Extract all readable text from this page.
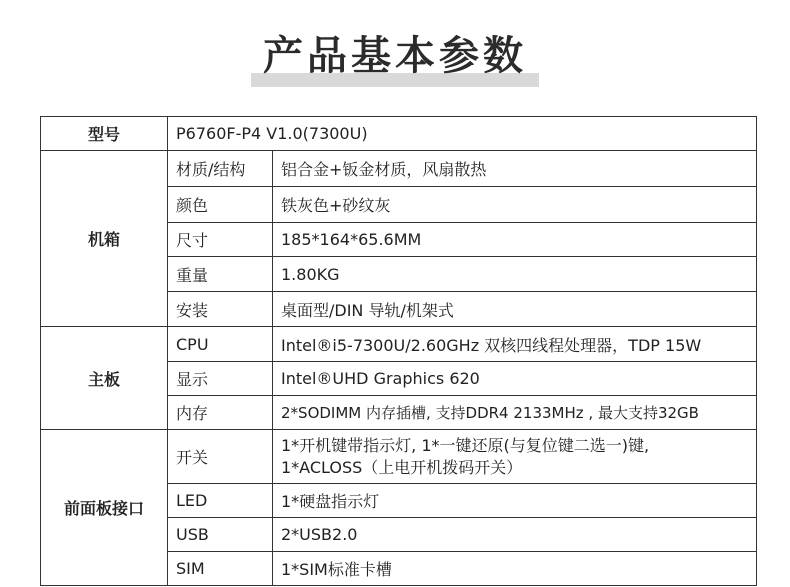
产品基本参数
型号	P6760F-P4 V1.0(7300U)	
机箱	材质/结构	铝合金+钣金材质，风扇散热
	颜色	铁灰色+砂纹灰
	尺寸	185*164*65.6MM
	重量	1.80KG
	安装	桌面型/DIN 导轨/机架式
主板	CPU	Intel®i5-7300U/2.60GHz 双核四线程处理器，TDP 15W
	显示	Intel®UHD Graphics 620
	内存	2*SODIMM 内存插槽, 支持DDR4 2133MHz , 最大支持32GB
前面板接口	开关	1*开机键带指示灯, 1*一键还原(与复位键二选一)键,
1*ACLOSS（上电开机拨码开关）

	LED	1*硬盘指示灯
	USB	2*USB2.0
	SIM	1*SIM标准卡槽
